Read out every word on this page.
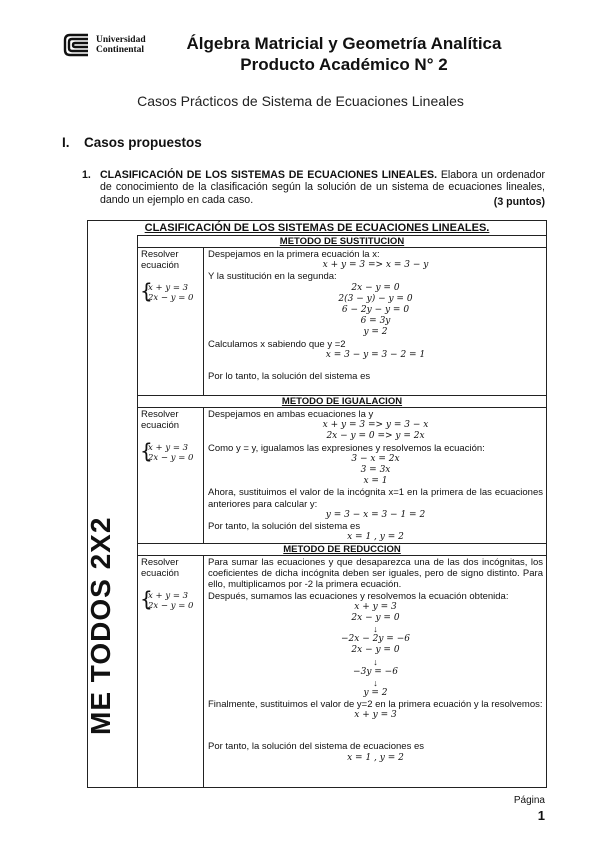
Universidad
Continental	Álgebra Matricial y Geometría Analítica
Producto Académico N° 2
Casos Prácticos de Sistema de Ecuaciones Lineales
I. Casos propuestos
1. CLASIFICACIÓN DE LOS SISTEMAS DE ECUACIONES LINEALES. Elabora un ordenador de conocimiento de la clasificación según la solución de un sistema de ecuaciones lineales, dando un ejemplo en cada caso.	(3 puntos)
CLASIFICACIÓN DE LOS SISTEMAS DE ECUACIONES LINEALES.
ME TODOS 2X2
METODO DE SUSTITUCION
Resolver ecuación
{ x + y = 3
2x − y = 0
Despejamos en la primera ecuación la x:
x + y = 3 => x = 3 − y
Y la sustitución en la segunda:
2x − y = 0
2(3 − y) − y = 0
6 − 2y − y = 0
6 = 3y
y = 2
Calculamos x sabiendo que y =2
x = 3 − y = 3 − 2 = 1
Por lo tanto, la solución del sistema es
METODO DE IGUALACION
Resolver ecuación
{ x + y = 3
2x − y = 0
Despejamos en ambas ecuaciones la y
x + y = 3 => y = 3 − x
2x − y = 0 => y = 2x
Como y = y, igualamos las expresiones y resolvemos la ecuación:
3 − x = 2x
3 = 3x
x = 1
Ahora, sustituimos el valor de la incógnita x=1 en la primera de las ecuaciones anteriores para calcular y:
y = 3 − x = 3 − 1 = 2
Por tanto, la solución del sistema es
x = 1 , y = 2
METODO DE REDUCCION
Resolver ecuación
{ x + y = 3
2x − y = 0
Para sumar las ecuaciones y que desaparezca una de las dos incógnitas, los coeficientes de dicha incógnita deben ser iguales, pero de signo distinto. Para ello, multiplicamos por -2 la primera ecuación.
Después, sumamos las ecuaciones y resolvemos la ecuación obtenida:
x + y = 3
2x − y = 0
↓
−2x − 2y = −6
2x − y = 0
↓
−3y = −6
↓
y = 2
Finalmente, sustituimos el valor de y=2 en la primera ecuación y la resolvemos:
x + y = 3
Por tanto, la solución del sistema de ecuaciones es
x = 1 , y = 2
Página
1
